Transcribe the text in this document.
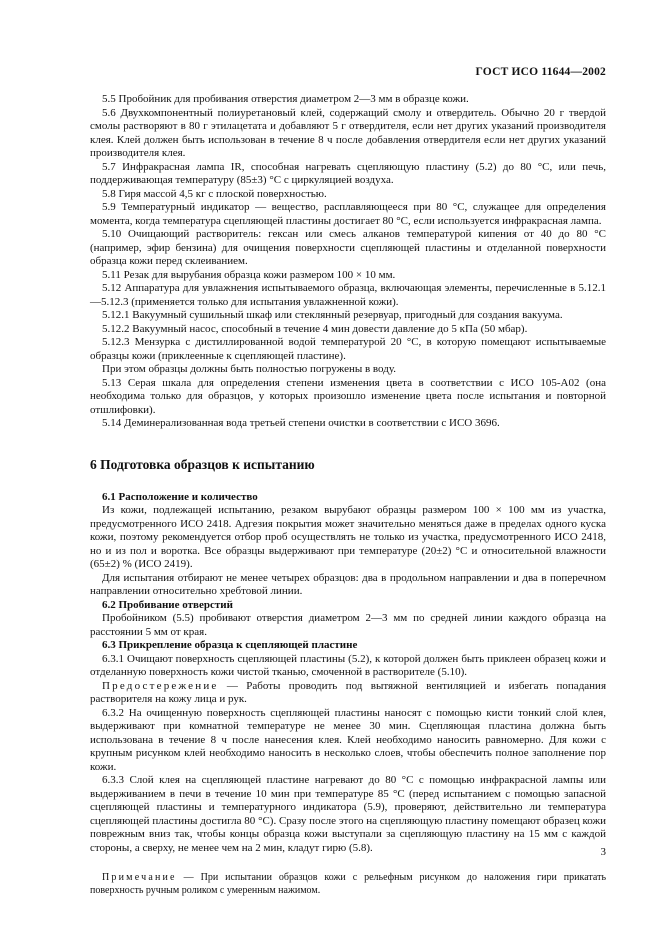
ГОСТ ИСО 11644—2002

5.5 Пробойник для пробивания отверстия диаметром 2—3 мм в образце кожи.

5.6 Двухкомпонентный полиуретановый клей, содержащий смолу и отвердитель. Обычно 20 г твердой смолы растворяют в 80 г этилацетата и добавляют 5 г отвердителя, если нет других указаний производителя клея. Клей должен быть использован в течение 8 ч после добавления отвердителя если нет других указаний производителя клея.

5.7 Инфракрасная лампа IR, способная нагревать сцепляющую пластину (5.2) до 80 °С, или печь, поддерживающая температуру (85±3) °С с циркуляцией воздуха.

5.8 Гиря массой 4,5 кг с плоской поверхностью.

5.9 Температурный индикатор — вещество, расплавляющееся при 80 °С, служащее для определения момента, когда температура сцепляющей пластины достигает 80 °С, если используется инфракрасная лампа.

5.10 Очищающий растворитель: гексан или смесь алканов температурой кипения от 40 до 80 °С (например, эфир бензина) для очищения поверхности сцепляющей пластины и отделанной поверхности образца кожи перед склеиванием.

5.11 Резак для вырубания образца кожи размером 100 × 10 мм.

5.12 Аппаратура для увлажнения испытываемого образца, включающая элементы, перечисленные в 5.12.1—5.12.3 (применяется только для испытания увлажненной кожи).

5.12.1 Вакуумный сушильный шкаф или стеклянный резервуар, пригодный для создания вакуума.

5.12.2 Вакуумный насос, способный в течение 4 мин довести давление до 5 кПа (50 мбар).

5.12.3 Мензурка с дистиллированной водой температурой 20 °С, в которую помещают испытываемые образцы кожи (приклеенные к сцепляющей пластине).

При этом образцы должны быть полностью погружены в воду.

5.13 Серая шкала для определения степени изменения цвета в соответствии с ИСО 105-А02 (она необходима только для образцов, у которых произошло изменение цвета после испытания и повторной отшлифовки).

5.14 Деминерализованная вода третьей степени очистки в соответствии с ИСО 3696.

6 Подготовка образцов к испытанию
6.1 Расположение и количество

Из кожи, подлежащей испытанию, резаком вырубают образцы размером 100 × 100 мм из участка, предусмотренного ИСО 2418. Адгезия покрытия может значительно меняться даже в пределах одного куска кожи, поэтому рекомендуется отбор проб осуществлять не только из участка, предусмотренного ИСО 2418, но и из пол и воротка. Все образцы выдерживают при температуре (20±2) °С и относительной влажности (65±2) % (ИСО 2419).

Для испытания отбирают не менее четырех образцов: два в продольном направлении и два в поперечном направлении относительно хребтовой линии.

6.2 Пробивание отверстий

Пробойником (5.5) пробивают отверстия диаметром 2—3 мм по средней линии каждого образца на расстоянии 5 мм от края.

6.3 Прикрепление образца к сцепляющей пластине

6.3.1 Очищают поверхность сцепляющей пластины (5.2), к которой должен быть приклеен образец кожи и отделанную поверхность кожи чистой тканью, смоченной в растворителе (5.10).

Предостережение — Работы проводить под вытяжной вентиляцией и избегать попадания растворителя на кожу лица и рук.

6.3.2 На очищенную поверхность сцепляющей пластины наносят с помощью кисти тонкий слой клея, выдерживают при комнатной температуре не менее 30 мин. Сцепляющая пластина должна быть использована в течение 8 ч после нанесения клея. Клей необходимо наносить равномерно. Для кожи с крупным рисунком клей необходимо наносить в несколько слоев, чтобы обеспечить полное заполнение пор кожи.

6.3.3 Слой клея на сцепляющей пластине нагревают до 80 °С с помощью инфракрасной лампы или выдерживанием в печи в течение 10 мин при температуре 85 °С (перед испытанием с помощью запасной сцепляющей пластины и температурного индикатора (5.9), проверяют, действительно ли температура сцепляющей пластины достигла 80 °С). Сразу после этого на сцепляющую пластину помещают образец кожи поврежным вниз так, чтобы концы образца кожи выступали за сцепляющую пластину на 15 мм с каждой стороны, а сверху, не менее чем на 2 мин, кладут гирю (5.8).

Примечание — При испытании образцов кожи с рельефным рисунком до наложения гири прикатать поверхность ручным роликом с умеренным нажимом.

3
